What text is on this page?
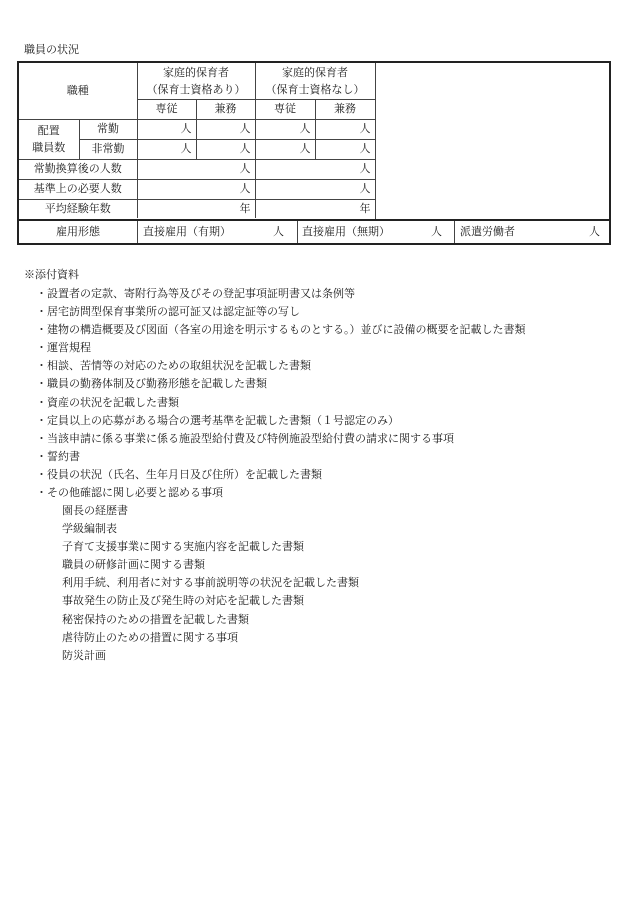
職員の状況
職種		家庭的保育者		家庭的保育者	
		（保育士資格あり）		（保育士資格なし）	
		専従	兼務	専従	兼務

配置
職員数	常勤	人	人	人	人
	非常勤	人	人	人	人
常勤換算後の人数		人		人	
基準上の必要人数		人		人	
平均経験年数		年		年	
雇用形態	直接雇用（有期）	人 直接雇用（無期）	人 派遣労働者	人
※添付資料
・設置者の定款、寄附行為等及びその登記事項証明書又は条例等
・居宅訪問型保育事業所の認可証又は認定証等の写し
・建物の構造概要及び図面（各室の用途を明示するものとする。）並びに設備の概要を記載した書類
・運営規程
・相談、苦情等の対応のための取組状況を記載した書類
・職員の勤務体制及び勤務形態を記載した書類
・資産の状況を記載した書類
・定員以上の応募がある場合の選考基準を記載した書類（１号認定のみ）
・当該申請に係る事業に係る施設型給付費及び特例施設型給付費の請求に関する事項
・誓約書
・役員の状況（氏名、生年月日及び住所）を記載した書類
・その他確認に関し必要と認める事項
園長の経歴書
学級編制表
子育て支援事業に関する実施内容を記載した書類
職員の研修計画に関する書類
利用手続、利用者に対する事前説明等の状況を記載した書類
事故発生の防止及び発生時の対応を記載した書類
秘密保持のための措置を記載した書類
虐待防止のための措置に関する事項
防災計画
